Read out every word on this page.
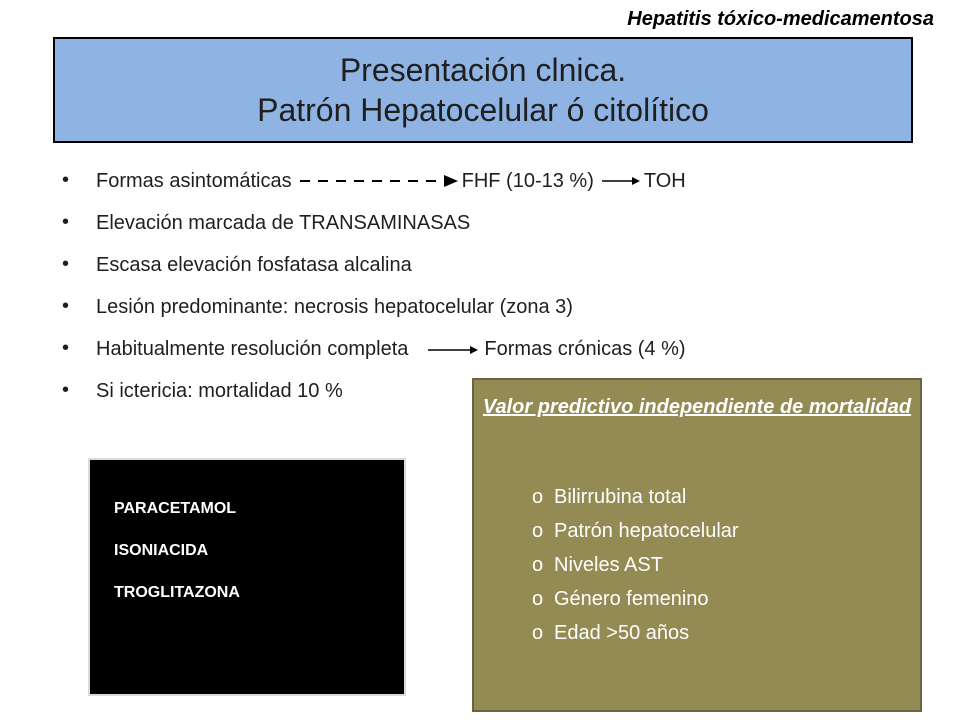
Hepatitis tóxico-medicamentosa
Presentación clnica.
Patrón Hepatocelular ó citolítico
• Formas asintomáticas	FHF (10-13 %)	TOH
• Elevación marcada de TRANSAMINASAS
• Escasa elevación fosfatasa alcalina
• Lesión predominante: necrosis hepatocelular (zona 3)
• Habitualmente resolución completa	Formas crónicas (4 %)
• Si ictericia: mortalidad 10 %
PARACETAMOL
ISONIACIDA
TROGLITAZONA
Valor predictivo independiente de mortalidad
o Bilirrubina total
o Patrón hepatocelular
o Niveles AST
o Género femenino
o Edad >50 años
